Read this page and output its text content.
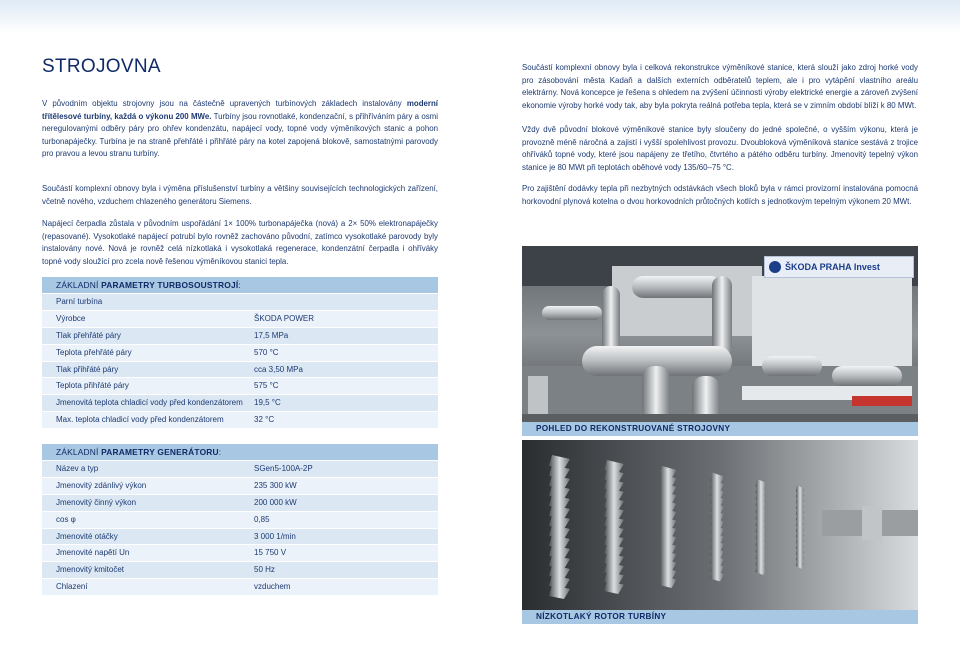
STROJOVNA

V původním objektu strojovny jsou na částečně upravených turbínových základech instalovány moderní třítělesové turbíny, každá o výkonu 200 MWe. Turbíny jsou rovnotlaké, kondenzační, s přihříváním páry a osmi neregulovanými odběry páry pro ohřev kondenzátu, napájecí vody, topné vody výměníkových stanic a pohon turbonapáječky. Turbína je na straně přehřáté i přihřáté páry na kotel zapojená blokově, samostatnými parovody pro pravou a levou stranu turbíny.

Součástí komplexní obnovy byla i výměna příslušenství turbíny a většiny souvisejících technologických zařízení, včetně nového, vzduchem chlazeného generátoru Siemens.

Napájecí čerpadla zůstala v původním uspořádání 1× 100% turbonapáječka (nová) a 2× 50% elektronapáječky (repasované). Vysokotlaké napájecí potrubí bylo rovněž zachováno původní, zatímco vysokotlaké parovody byly instalovány nové. Nová je rovněž celá nízkotlaká i vysokotlaká regenerace, kondenzátní čerpadla i ohříváky topné vody sloužící pro zcela nově řešenou výměníkovou stanici tepla.

ZÁKLADNÍ PARAMETRY TURBOSOUSTROJÍ:
Parní turbína
Výrobce	ŠKODA POWER
Tlak přehřáté páry	17,5 MPa
Teplota přehřáté páry	570 °C
Tlak přihřáté páry	cca 3,50 MPa
Teplota přihřáté páry	575 °C
Jmenovitá teplota chladicí vody před kondenzátorem	19,5 °C
Max. teplota chladicí vody před kondenzátorem	32 °C
ZÁKLADNÍ PARAMETRY GENERÁTORU:
Název a typ	SGen5-100A-2P
Jmenovitý zdánlivý výkon	235 300 kW
Jmenovitý činný výkon	200 000 kW
cos φ	0,85
Jmenovité otáčky	3 000 1/min
Jmenovité napětí Un	15 750 V
Jmenovitý kmitočet	50 Hz
Chlazení	vzduchem

Součástí komplexní obnovy byla i celková rekonstrukce výměníkové stanice, která slouží jako zdroj horké vody pro zásobování města Kadaň a dalších externích odběratelů teplem, ale i pro vytápění vlastního areálu elektrárny. Nová koncepce je řešena s ohledem na zvýšení účinnosti výroby elektrické energie a zároveň zvýšení ekonomie výroby horké vody tak, aby byla pokryta reálná potřeba tepla, která se v zimním období blíží k 80 MWt.

Vždy dvě původní blokové výměníkové stanice byly sloučeny do jedné společné, o vyšším výkonu, která je provozně méně náročná a zajistí i vyšší spolehlivost provozu. Dvoubloková výměníková stanice sestává z trojice ohříváků topné vody, které jsou napájeny ze třetího, čtvrtého a pátého odběru turbíny. Jmenovitý tepelný výkon stanice je 80 MWt při teplotách oběhové vody 135/60–75 °C.

Pro zajištění dodávky tepla při nezbytných odstávkách všech bloků byla v rámci provizorní instalována pomocná horkovodní plynová kotelna o dvou horkovodních průtočných kotlích s jednotkovým tepelným výkonem 20 MWt.

ŠKODA PRAHA Invest
POHLED DO REKONSTRUOVANÉ STROJOVNY
NÍZKOTLAKÝ ROTOR TURBÍNY
